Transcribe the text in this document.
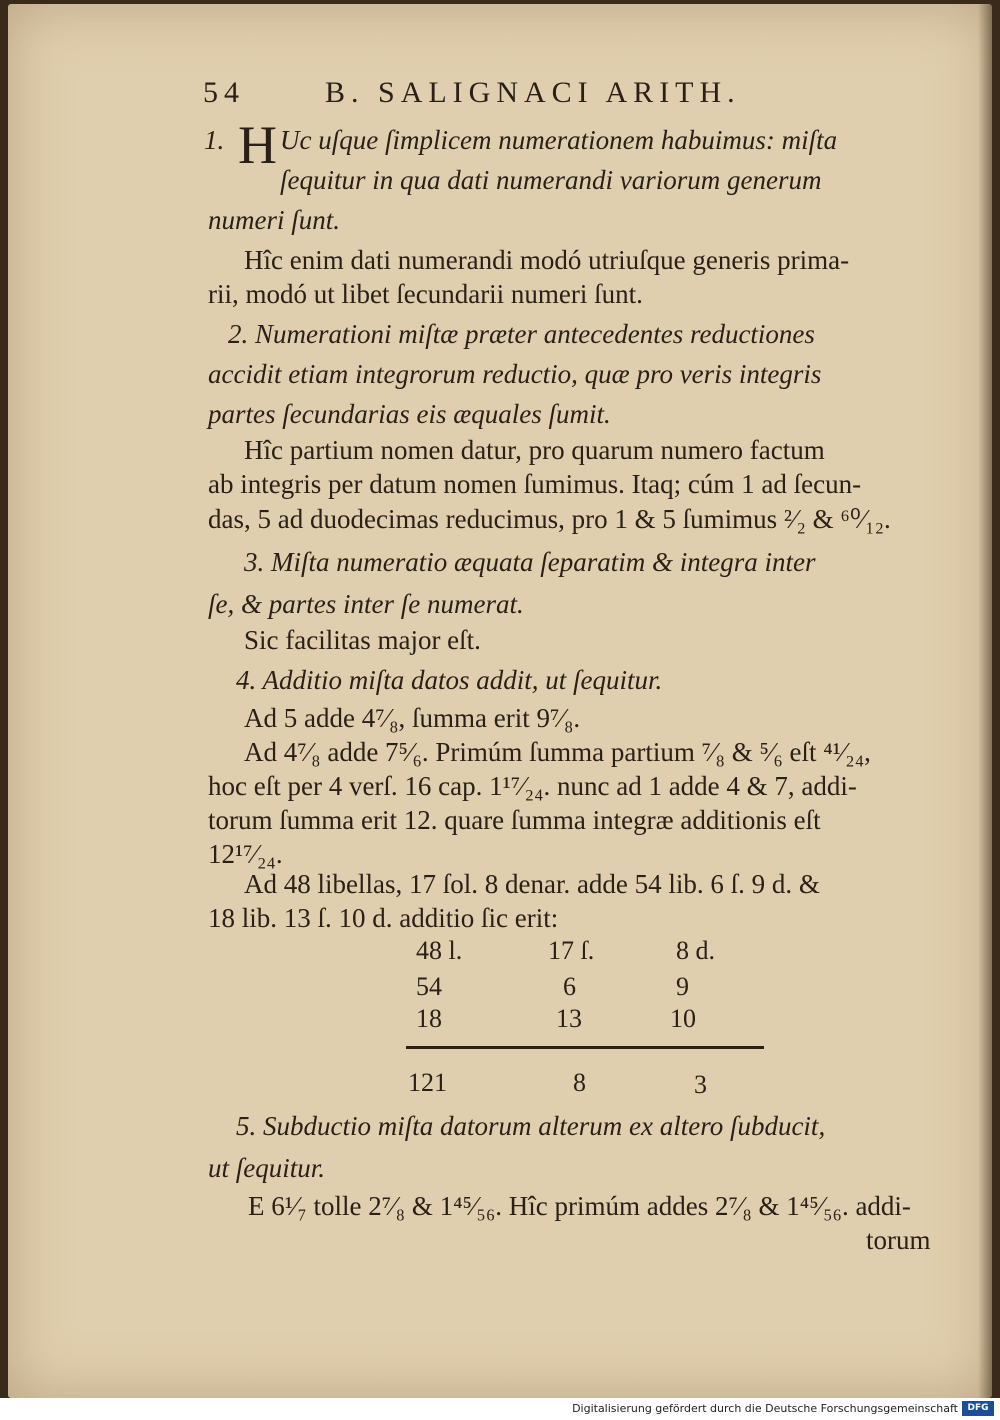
54	B. SALIGNACI ARITH.
1. H Uc uſque ſimplicem numerationem habuimus: miſta
ſequitur in qua dati numerandi variorum generum
numeri ſunt.
Hîc enim dati numerandi modó utriuſque generis prima-
rii, modó ut libet ſecundarii numeri ſunt.
2. Numerationi miſtæ præter antecedentes reductiones
accidit etiam integrorum reductio, quæ pro veris integris
partes ſecundarias eis æquales ſumit.
Hîc partium nomen datur, pro quarum numero factum
ab integris per datum nomen ſumimus. Itaq; cúm 1 ad ſecun-
das, 5 ad duodecimas reducimus, pro 1 & 5 ſumimus ²⁄₂ & ⁶⁰⁄₁₂.
3. Miſta numeratio æquata ſeparatim & integra inter
ſe, & partes inter ſe numerat.
Sic facilitas major eſt.
4. Additio miſta datos addit, ut ſequitur.
Ad 5 adde 4⁷⁄₈, ſumma erit 9⁷⁄₈.
Ad 4⁷⁄₈ adde 7⁵⁄₆. Primúm ſumma partium ⁷⁄₈ & ⁵⁄₆ eſt ⁴¹⁄₂₄,
hoc eſt per 4 verſ. 16 cap. 1¹⁷⁄₂₄. nunc ad 1 adde 4 & 7, addi-
torum ſumma erit 12. quare ſumma integræ additionis eſt
12¹⁷⁄₂₄.
Ad 48 libellas, 17 ſol. 8 denar. adde 54 lib. 6 ſ. 9 d. &
18 lib. 13 ſ. 10 d. additio ſic erit:
48 l.	17 ſ.	8 d.
54	6	9
18	13	10
121	8	3
5. Subductio miſta datorum alterum ex altero ſubducit,
ut ſequitur.
E 6¹⁄₇ tolle 2⁷⁄₈ & 1⁴⁵⁄₅₆. Hîc primúm addes 2⁷⁄₈ & 1⁴⁵⁄₅₆. addi-
torum
Digitalisierung gefördert durch die Deutsche Forschungsgemeinschaft	DFG
